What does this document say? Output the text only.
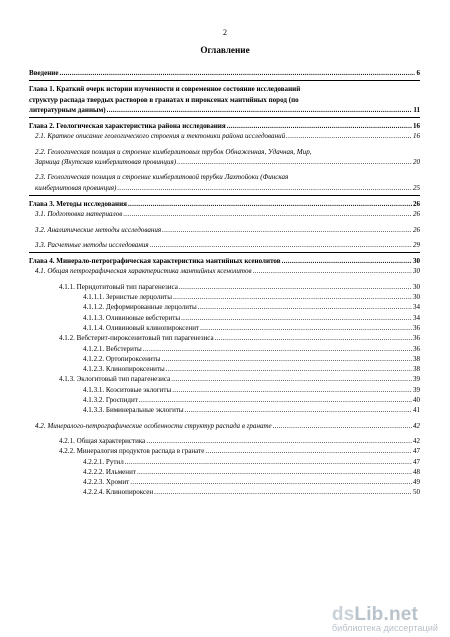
2
Оглавление
Введение .....	6
Глава 1. Краткий очерк истории изученности и современное состояние исследований
структур распада твердых растворов в гранатах и пироксенах мантийных пород (по
литературным данным) .....	11
Глава 2. Геологическая характеристика района исследования .....	16
2.1. Краткое описание геологического строения и тектоники района исследований .....	16
2.2. Геологическая позиция и строение кимберлитовых трубок Обнаженная, Удачная, Мир,
Зарница (Якутская кимберлитовая провинция) .....	20
2.3. Геологическая позиция и строение кимберлитовой трубки Лахтойоки (Финская
кимберлитовая провинция) .....	25
Глава 3. Методы исследования .....	26
3.1. Подготовка материалов .....	26
3.2. Аналитические методы исследования .....	26
3.3. Расчетные методы исследования .....	29
Глава 4. Минерало-петрографическая характеристика мантийных ксенолитов .....	30
4.1. Общая петрографическая характеристика мантийных ксенолитов .....	30
4.1.1. Перидотитовый тип парагенезиса .....	30
4.1.1.1. Зернистые лерцолиты .....	30
4.1.1.2. Деформированные лерцолиты .....	34
4.1.1.3. Оливиновые вебстериты .....	34
4.1.1.4. Оливиновый клинопироксенит .....	36
4.1.2. Вебстерит-пироксенитовый тип парагенезиса .....	36
4.1.2.1. Вебстериты .....	36
4.1.2.2. Ортопироксениты .....	38
4.1.2.3. Клинопироксениты .....	38
4.1.3. Эклогитовый тип парагенезиса .....	39
4.1.3.1. Коэситовые эклогиты .....	39
4.1.3.2. Гроспидит .....	40
4.1.3.3. Биминеральные эклогиты .....	41
4.2. Минералого-петрографические особенности структур распада в гранате .....	42
4.2.1. Общая характеристика .....	42
4.2.2. Минералогия продуктов распада в гранате .....	47
4.2.2.1. Рутил .....	47
4.2.2.2. Ильменит .....	48
4.2.2.3. Хромит .....	49
4.2.2.4. Клинопироксен .....	50
dsLib.net
библиотека диссертаций
